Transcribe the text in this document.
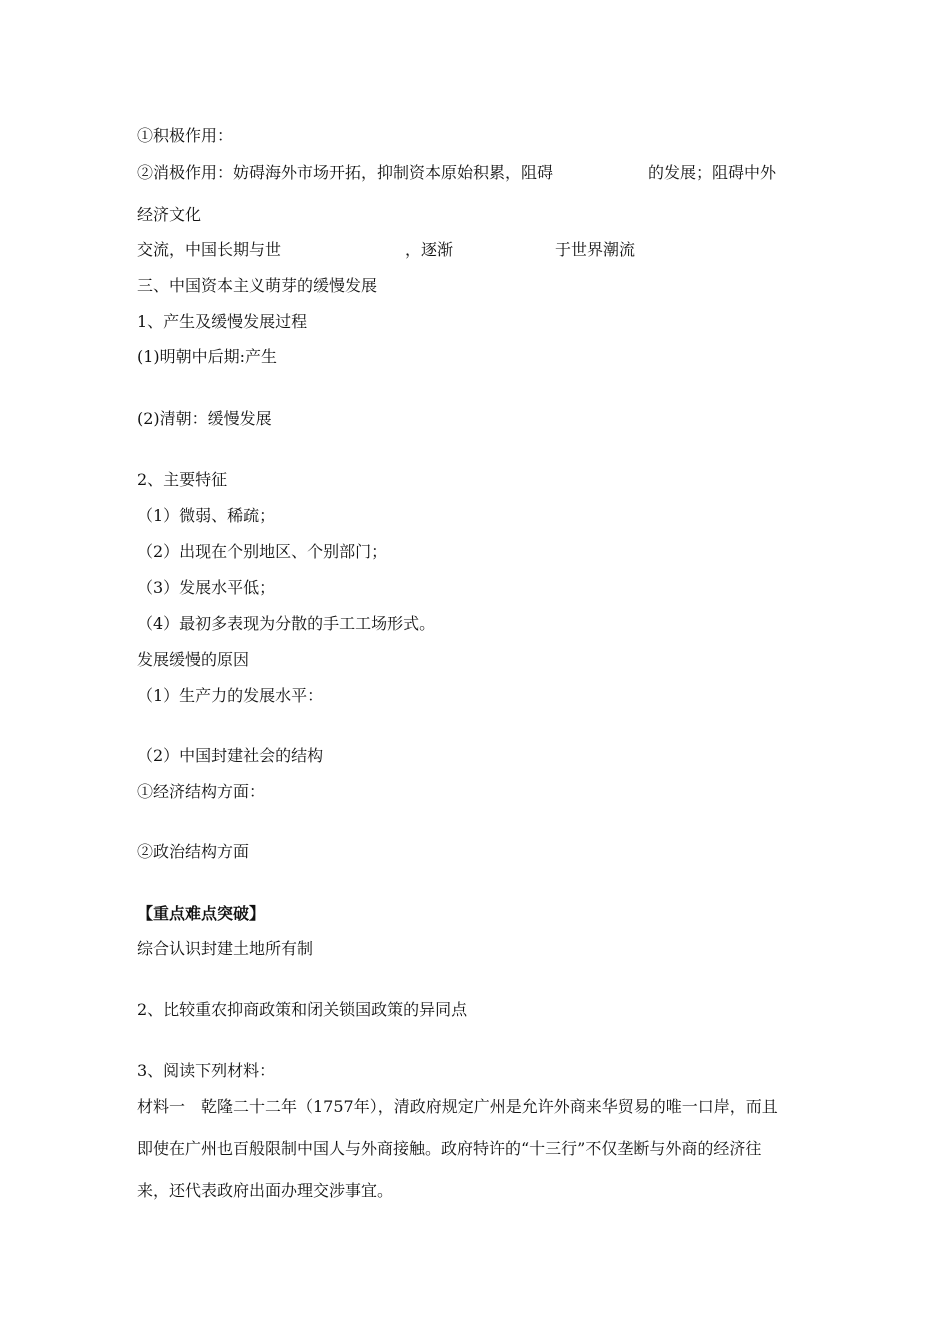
①积极作用：
②消极作用：妨碍海外市场开拓，抑制资本原始积累，阻碍	的发展；阻碍中外
经济文化
交流，中国长期与世	，逐渐	于世界潮流
三、中国资本主义萌芽的缓慢发展
1、产生及缓慢发展过程
(1)明朝中后期:产生
(2)清朝：缓慢发展
2、主要特征
（1）微弱、稀疏；
（2）出现在个别地区、个别部门；
（3）发展水平低；
（4）最初多表现为分散的手工工场形式。
发展缓慢的原因
（1）生产力的发展水平：
（2）中国封建社会的结构
①经济结构方面：
②政治结构方面
【重点难点突破】
综合认识封建土地所有制
2、比较重农抑商政策和闭关锁国政策的异同点
3、阅读下列材料：
材料一　乾隆二十二年（1757年），清政府规定广州是允许外商来华贸易的唯一口岸，而且
即使在广州也百般限制中国人与外商接触。政府特许的“十三行”不仅垄断与外商的经济往
来，还代表政府出面办理交涉事宜。
